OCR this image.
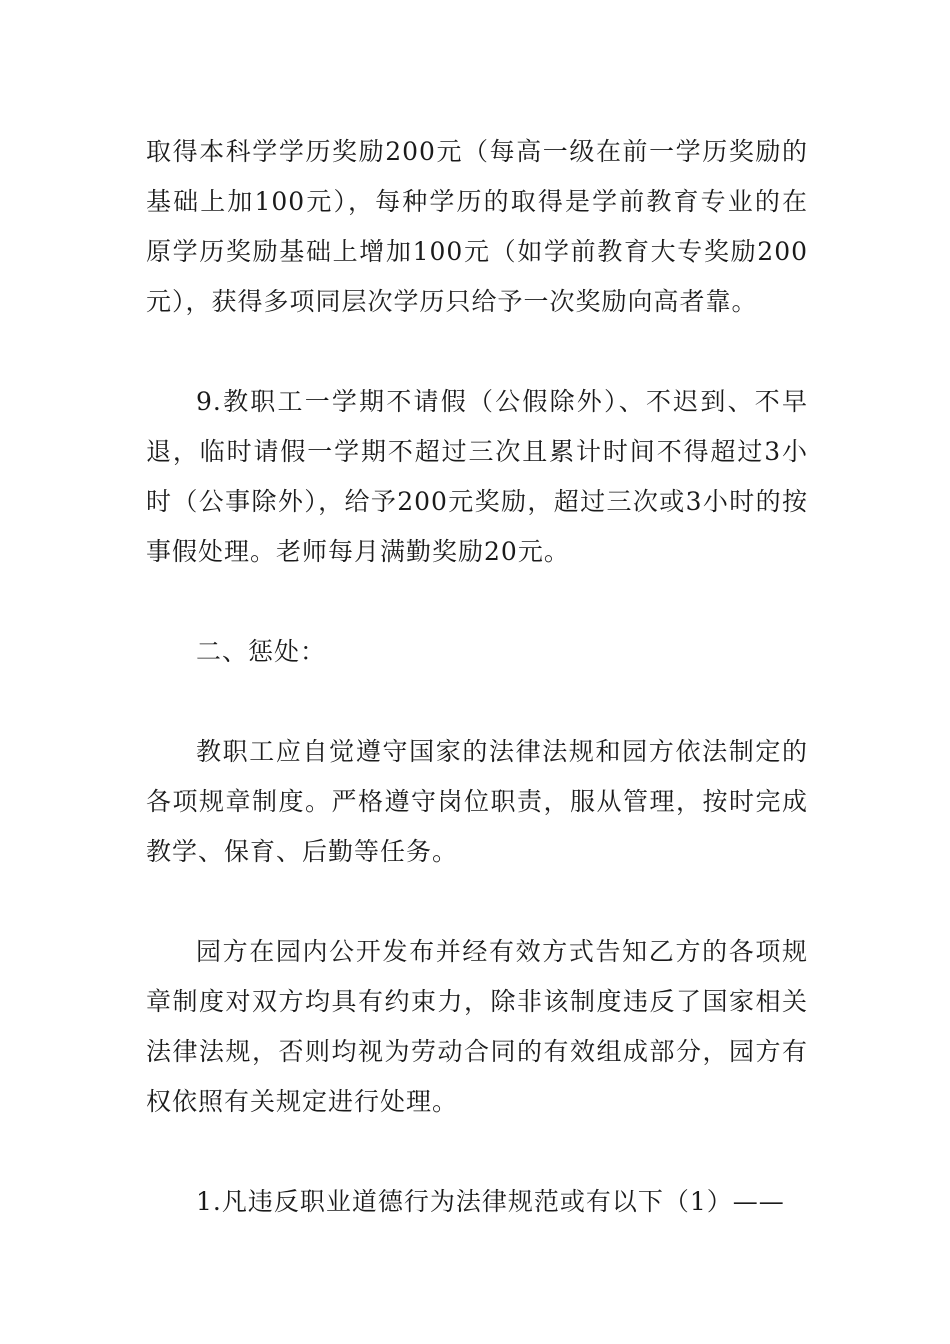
取得本科学学历奖励200元（每高一级在前一学历奖励的基础上加100元），每种学历的取得是学前教育专业的在原学历奖励基础上增加100元（如学前教育大专奖励200元），获得多项同层次学历只给予一次奖励向高者靠。

9.教职工一学期不请假（公假除外）、不迟到、不早退，临时请假一学期不超过三次且累计时间不得超过3小时（公事除外），给予200元奖励，超过三次或3小时的按事假处理。老师每月满勤奖励20元。

二、惩处：

教职工应自觉遵守国家的法律法规和园方依法制定的各项规章制度。严格遵守岗位职责，服从管理，按时完成教学、保育、后勤等任务。

园方在园内公开发布并经有效方式告知乙方的各项规章制度对双方均具有约束力，除非该制度违反了国家相关法律法规，否则均视为劳动合同的有效组成部分，园方有权依照有关规定进行处理。

1.凡违反职业道德行为法律规范或有以下（1）——
